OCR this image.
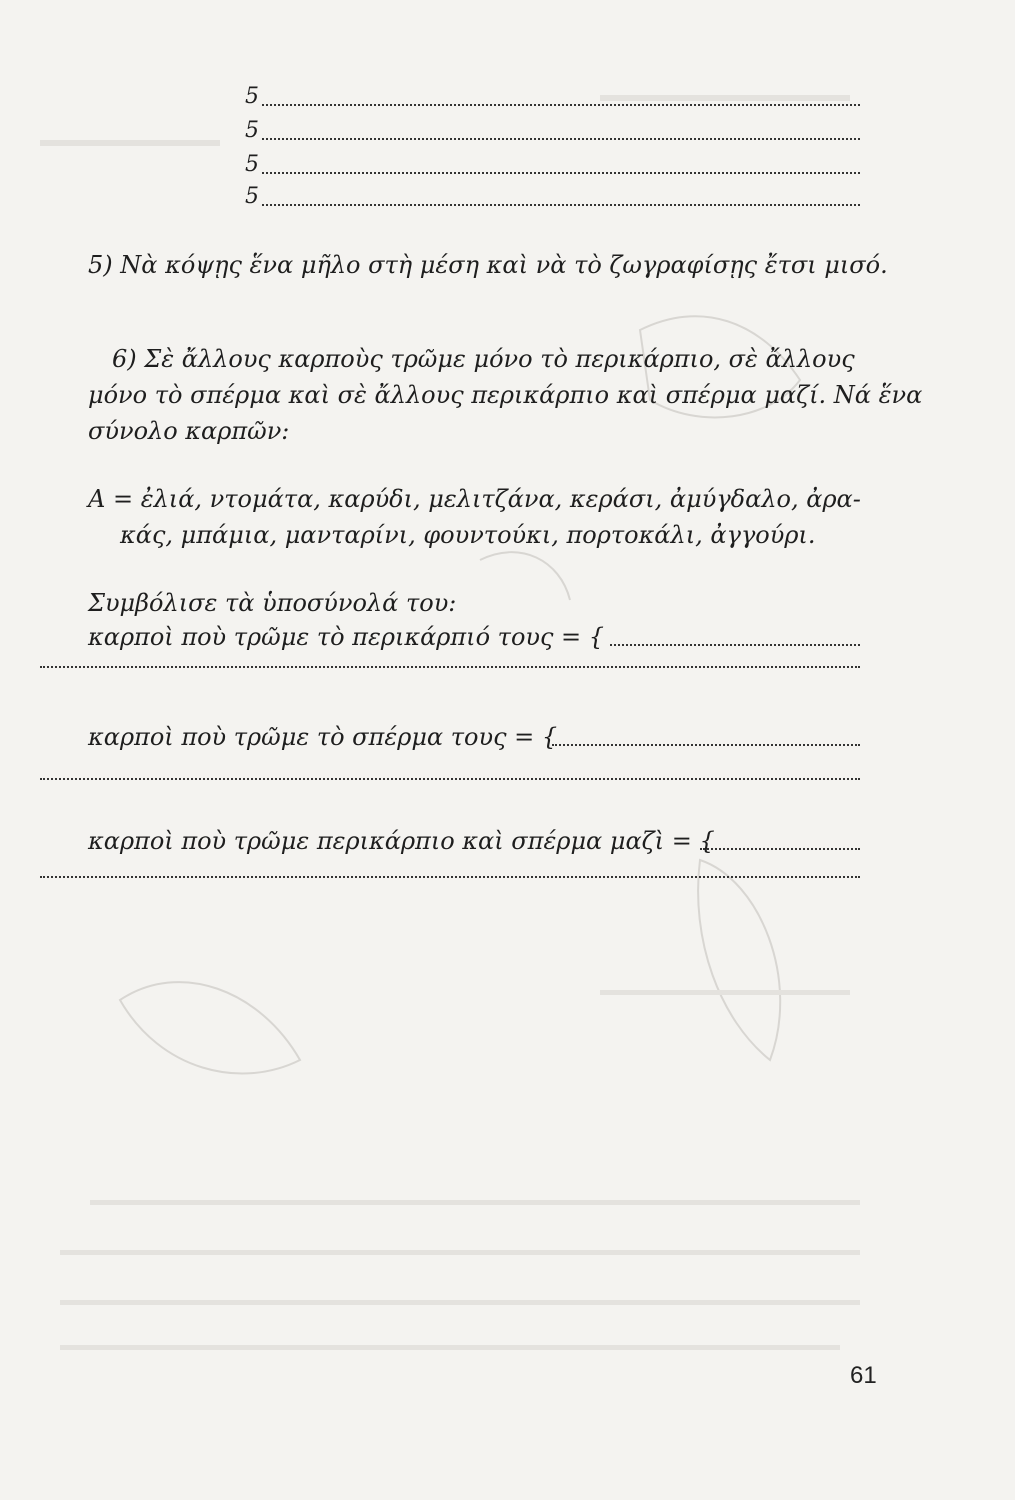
5
5
5
5
5) Νὰ κόψῃς ἕνα μῆλο στὴ μέση καὶ νὰ τὸ ζωγραφίσῃς ἔτσι μισό.
6) Σὲ ἄλλους καρποὺς τρῶμε μόνο τὸ περικάρπιο, σὲ ἄλλους
μόνο τὸ σπέρμα καὶ σὲ ἄλλους περικάρπιο καὶ σπέρμα μαζί. Νά ἕνα
σύνολο καρπῶν:
Α = ἐλιά, ντομάτα, καρύδι, μελιτζάνα, κεράσι, ἀμύγδαλο, ἀρα-
κάς, μπάμια, μανταρίνι, φουντούκι, πορτοκάλι, ἀγγούρι.
Συμβόλισε τὰ ὑποσύνολά του:
καρποὶ ποὺ τρῶμε τὸ περικάρπιό τους = {
καρποὶ ποὺ τρῶμε τὸ σπέρμα τους = {
καρποὶ ποὺ τρῶμε περικάρπιο καὶ σπέρμα μαζὶ = {
61
